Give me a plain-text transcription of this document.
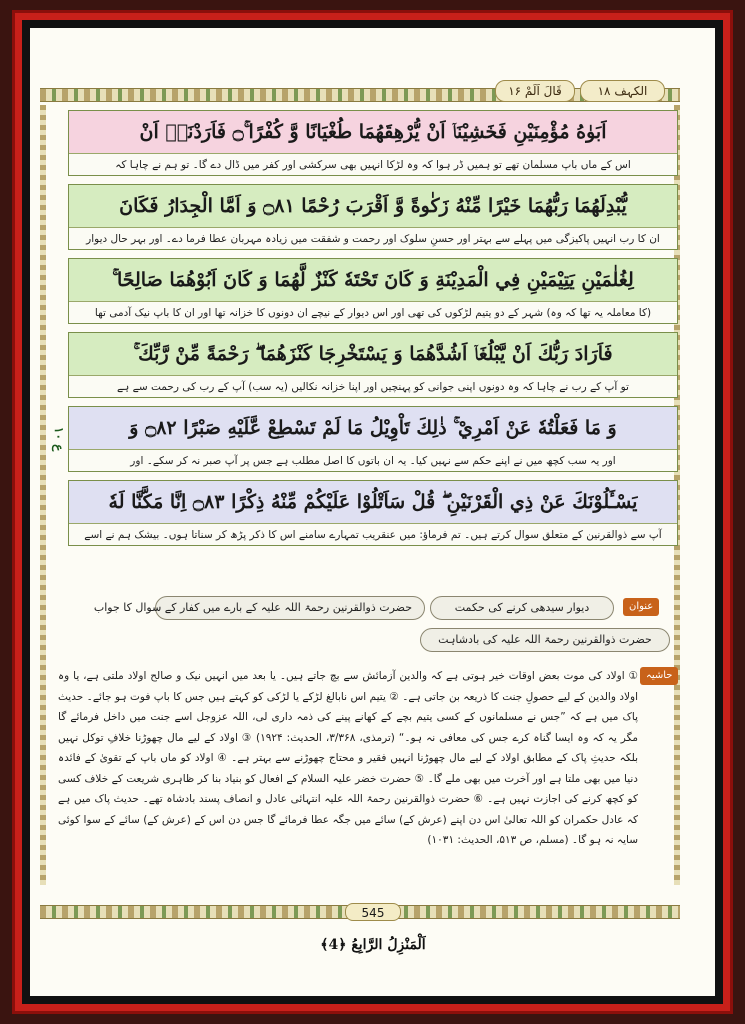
قَالَ اَلَمْ ۱۶	الکہف ۱۸
اَبَوٰهُ مُؤْمِنَيْنِ فَخَشِيْنَاۤ اَنْ يُّرْهِقَهُمَا طُغْيَانًا وَّ كُفْرًا ۚ۝ فَاَرَدْنَاۤ اَنْ
اس کے ماں باپ مسلمان تھے تو ہمیں ڈر ہوا کہ وہ لڑکا انہیں بھی سرکشی اور کفر میں ڈال دے گا۔ تو ہم نے چاہا کہ
يُّبْدِلَهُمَا رَبُّهُمَا خَيْرًا مِّنْهُ زَكٰوةً وَّ اَقْرَبَ رُحْمًا ۝۸۱ وَ اَمَّا الْجِدَارُ فَكَانَ
ان کا رب انہیں پاکیزگی میں پہلے سے بہتر اور حسنِ سلوک اور رحمت و شفقت میں زیادہ مہربان عطا فرما دے۔ اور بہر حال دیوار
لِغُلٰمَيْنِ يَتِيْمَيْنِ فِي الْمَدِيْنَةِ وَ كَانَ تَحْتَهٗ كَنْزٌ لَّهُمَا وَ كَانَ اَبُوْهُمَا صَالِحًا ۚ
(کا معاملہ یہ تھا کہ وہ) شہر کے دو یتیم لڑکوں کی تھی اور اس دیوار کے نیچے ان دونوں کا خزانہ تھا اور ان کا باپ نیک آدمی تھا
فَاَرَادَ رَبُّكَ اَنْ يَّبْلُغَاۤ اَشُدَّهُمَا وَ يَسْتَخْرِجَا كَنْزَهُمَا ۖ رَحْمَةً مِّنْ رَّبِّكَ ۚ
تو آپ کے رب نے چاہا کہ وہ دونوں اپنی جوانی کو پہنچیں اور اپنا خزانہ نکالیں (یہ سب) آپ کے رب کی رحمت سے ہے
وَ مَا فَعَلْتُهٗ عَنْ اَمْرِيْ ۚ ذٰلِكَ تَاْوِيْلُ مَا لَمْ تَسْطِعْ عَّلَيْهِ صَبْرًا ۝۸۲ وَ
اور یہ سب کچھ میں نے اپنے حکم سے نہیں کیا۔ یہ ان باتوں کا اصل مطلب ہے جس پر آپ صبر نہ کر سکے۔ اور
يَسْـَٔلُوْنَكَ عَنْ ذِي الْقَرْنَيْنِ ۖ قُلْ سَاَتْلُوْا عَلَيْكُمْ مِّنْهُ ذِكْرًا ۝۸۳ اِنَّا مَكَّنَّا لَهٗ
آپ سے ذوالقرنین کے متعلق سوال کرتے ہیں۔ تم فرماؤ: میں عنقریب تمہارے سامنے اس کا ذکر پڑھ کر سناتا ہوں۔ بیشک ہم نے اسے
ع ۱۰
عنوان
دیوار سیدھی کرنے کی حکمت
حضرت ذوالقرنین رحمۃ اللہ علیہ کے بارے میں کفار کے سوال کا جواب
حضرت ذوالقرنین رحمۃ اللہ علیہ کی بادشاہت
حاشیہ

① اولاد کی موت بعض اوقات خیر ہوتی ہے کہ والدین آزمائش سے بچ جاتے ہیں۔ یا بعد میں انہیں نیک و صالح اولاد ملتی ہے، یا وہ اولاد والدین کے لیے حصولِ جنت کا ذریعہ بن جاتی ہے۔ ② یتیم اس نابالغ لڑکے یا لڑکی کو کہتے ہیں جس کا باپ فوت ہو جائے۔ حدیث پاک میں ہے کہ ”جس نے مسلمانوں کے کسی یتیم بچے کے کھانے پینے کی ذمہ داری لی، اللہ عزوجل اسے جنت میں داخل فرمائے گا مگر یہ کہ وہ ایسا گناہ کرے جس کی معافی نہ ہو۔“ (ترمذی، ۳/۳۶۸، الحدیث: ۱۹۲۴) ③ اولاد کے لیے مال چھوڑنا خلافِ توکل نہیں بلکہ حدیثِ پاک کے مطابق اولاد کے لیے مال چھوڑنا انہیں فقیر و محتاج چھوڑنے سے بہتر ہے۔ ④ اولاد کو ماں باپ کے تقویٰ کے فائدہ دنیا میں بھی ملتا ہے اور آخرت میں بھی ملے گا۔ ⑤ حضرت خضر علیہ السلام کے افعال کو بنیاد بنا کر ظاہری شریعت کے خلاف کسی کو کچھ کرنے کی اجازت نہیں ہے۔ ⑥ حضرت ذوالقرنین رحمۃ اللہ علیہ انتہائی عادل و انصاف پسند بادشاہ تھے۔ حدیث پاک میں ہے کہ عادل حکمران کو اللہ تعالیٰ اس دن اپنے (عرش کے) سائے میں جگہ عطا فرمائے گا جس دن اس کے (عرش کے) سائے کے سوا کوئی سایہ نہ ہو گا۔ (مسلم، ص ۵۱۳، الحدیث: ۱۰۳۱)

545
اَلْمَنْزِلُ الرَّابِعُ ﴿4﴾
